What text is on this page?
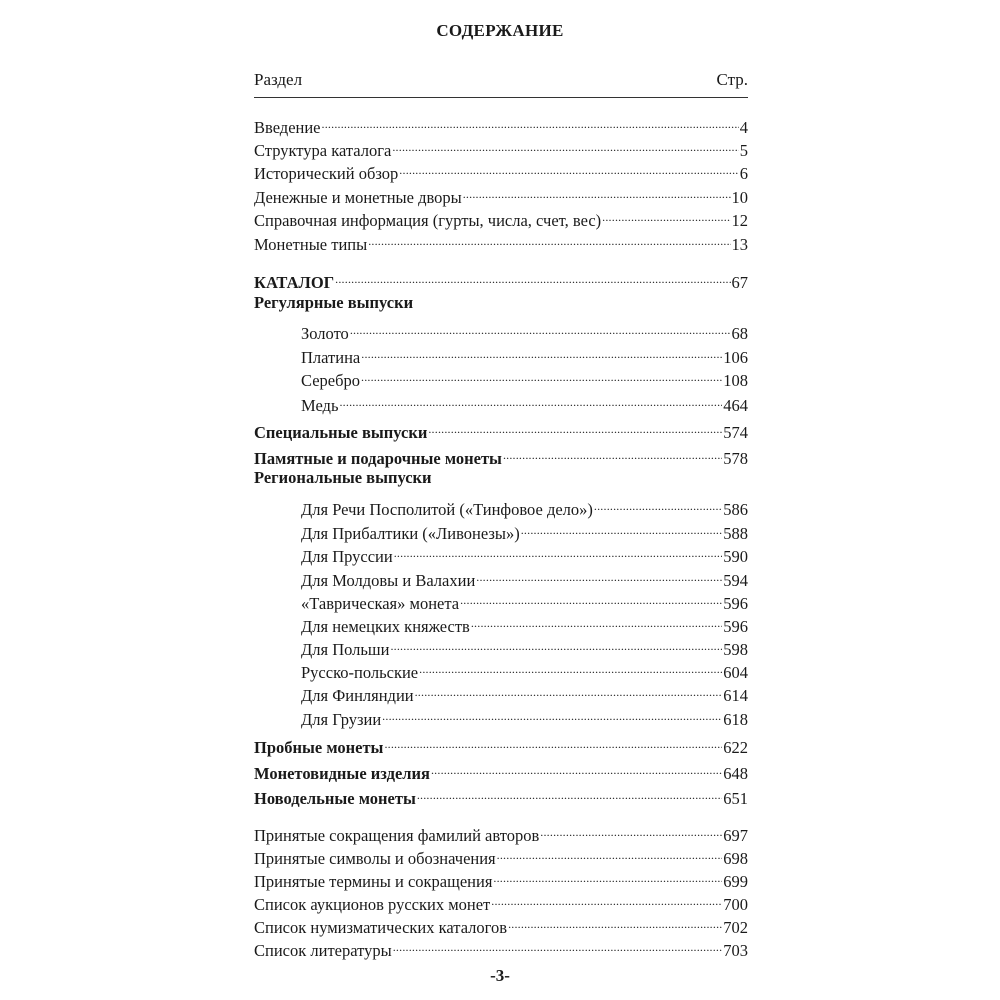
СОДЕРЖАНИЕ
Раздел	Стр.
Введение .....	4
Структура каталога .....	5
Исторический обзор .....	6
Денежные и монетные дворы .....	10
Справочная информация (гурты, числа, счет, вес) .....	12
Монетные типы .....	13
КАТАЛОГ .....	67
Регулярные выпуски
Золото .....	68
Платина .....	106
Серебро .....	108
Медь .....	464
Специальные выпуски .....	574
Памятные и подарочные монеты .....	578
Региональные выпуски
Для Речи Посполитой («Тинфовое дело») .....	586
Для Прибалтики («Ливонезы») .....	588
Для Пруссии .....	590
Для Молдовы и Валахии .....	594
«Таврическая» монета .....	596
Для немецких княжеств .....	596
Для Польши .....	598
Русско-польские .....	604
Для Финляндии .....	614
Для Грузии .....	618
Пробные монеты .....	622
Монетовидные изделия .....	648
Новодельные монеты .....	651
Принятые сокращения фамилий авторов .....	697
Принятые символы и обозначения .....	698
Принятые термины и сокращения .....	699
Список аукционов русских монет .....	700
Список нумизматических каталогов .....	702
Список литературы .....	703
-3-
